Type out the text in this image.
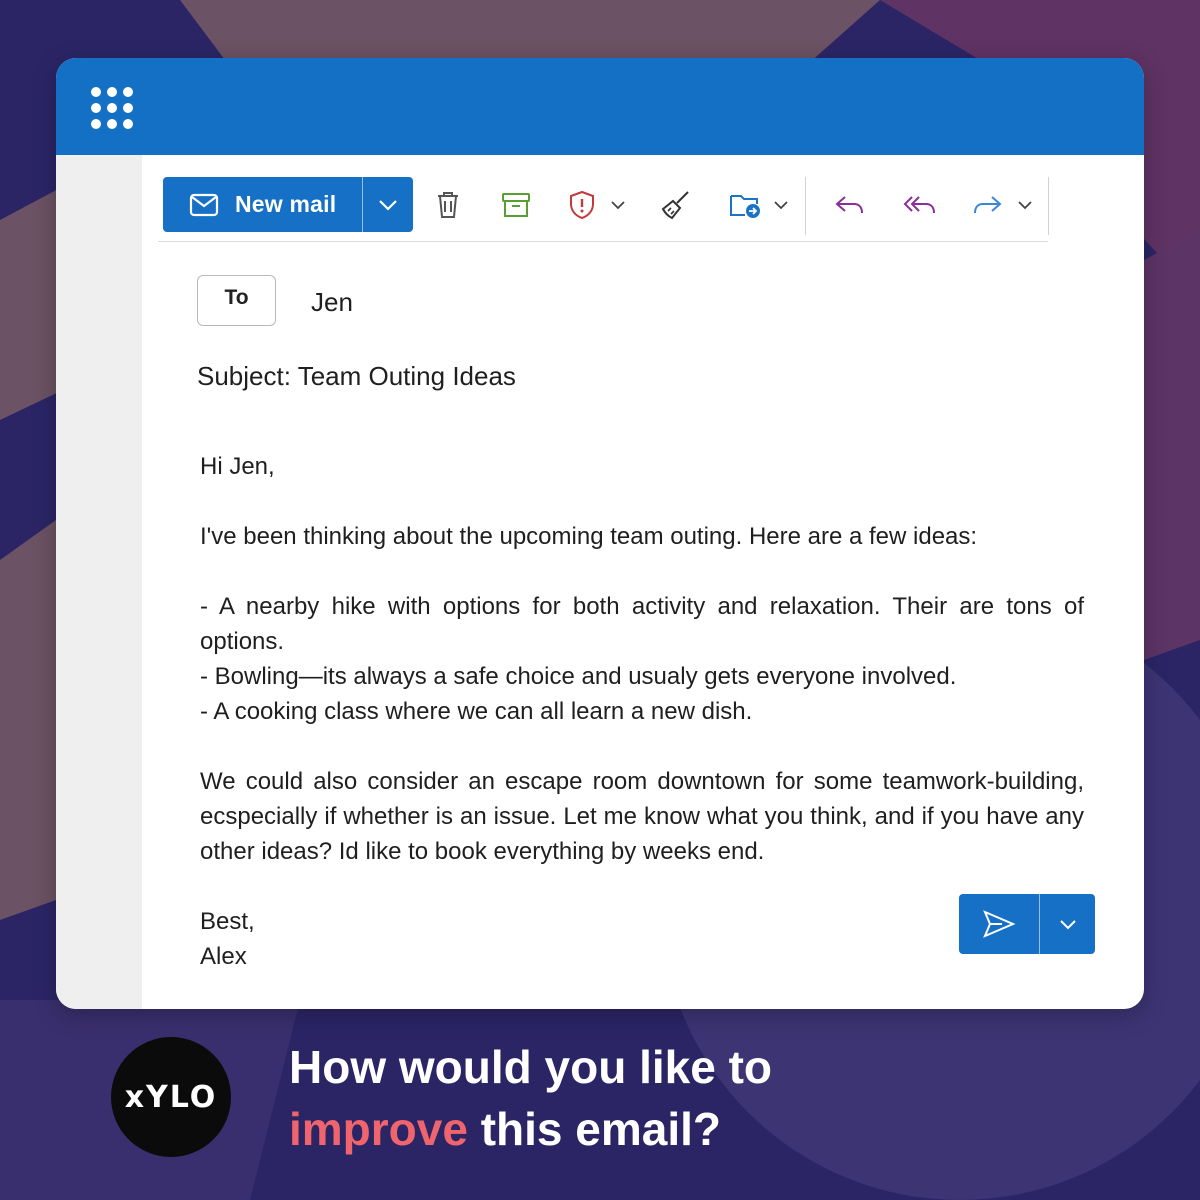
New mail
To	Jen
Subject: Team Outing Ideas

Hi Jen,

I've been thinking about the upcoming team outing. Here are a few ideas:

- A nearby hike with options for both activity and relaxation. Their are tons of options.

- Bowling—its always a safe choice and usualy gets everyone involved.

- A cooking class where we can all learn a new dish.

We could also consider an escape room downtown for some teamwork-building, ecspecially if whether is an issue. Let me know what you think, and if you have any other ideas? Id like to book everything by weeks end.

Best,

Alex

xYLO
How would you like to
improve this email?
